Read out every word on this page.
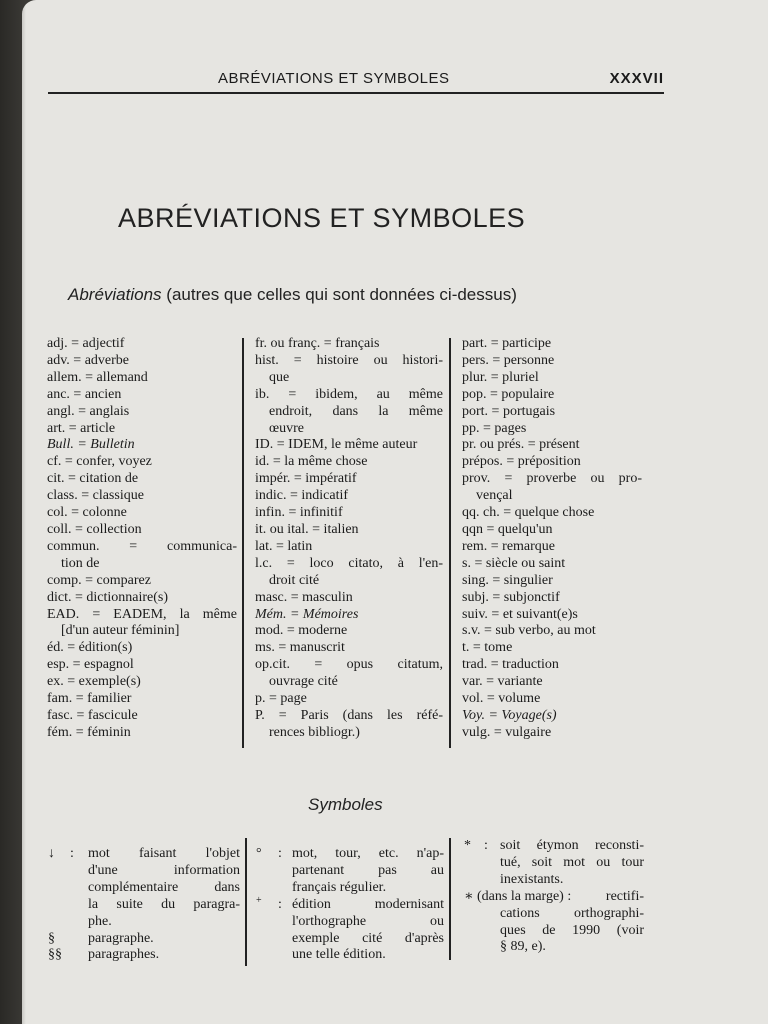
ABRÉVIATIONS ET SYMBOLES	XXXVII
ABRÉVIATIONS ET SYMBOLES
Abréviations (autres que celles qui sont données ci-dessus)
adj. = adjectif
adv. = adverbe
allem. = allemand
anc. = ancien
angl. = anglais
art. = article
Bull. = Bulletin
cf. = confer, voyez
cit. = citation de
class. = classique
col. = colonne
coll. = collection
commun. = communica-
tion de
comp. = comparez
dict. = dictionnaire(s)
EAD. = EADEM, la même
[d'un auteur féminin]
éd. = édition(s)
esp. = espagnol
ex. = exemple(s)
fam. = familier
fasc. = fascicule
fém. = féminin
fr. ou franç. = français
hist. = histoire ou histori-
que
ib. = ibidem, au même
endroit, dans la même
œuvre
ID. = IDEM, le même auteur
id. = la même chose
impér. = impératif
indic. = indicatif
infin. = infinitif
it. ou ital. = italien
lat. = latin
l.c. = loco citato, à l'en-
droit cité
masc. = masculin
Mém. = Mémoires
mod. = moderne
ms. = manuscrit
op.cit. = opus citatum,
ouvrage cité
p. = page
P. = Paris (dans les réfé-
rences bibliogr.)
part. = participe
pers. = personne
plur. = pluriel
pop. = populaire
port. = portugais
pp. = pages
pr. ou prés. = présent
prépos. = préposition
prov. = proverbe ou pro-
vençal
qq. ch. = quelque chose
qqn = quelqu'un
rem. = remarque
s. = siècle ou saint
sing. = singulier
subj. = subjonctif
suiv. = et suivant(e)s
s.v. = sub verbo, au mot
t. = tome
trad. = traduction
var. = variante
vol. = volume
Voy. = Voyage(s)
vulg. = vulgaire
Symboles
↓	:	mot faisant l'objet
d'une information
complémentaire dans
la suite du paragra-
phe.
§	paragraphe.
§§	paragraphes.
°	: mot, tour, etc. n'ap-
partenant pas au
français régulier.
+	: édition modernisant
l'orthographe ou
exemple cité d'après
une telle édition.
* : soit étymon reconsti-
tué, soit mot ou tour
inexistants.
∗ (dans la marge) : rectifi-
cations orthographi-
ques de 1990 (voir
§ 89, e).
